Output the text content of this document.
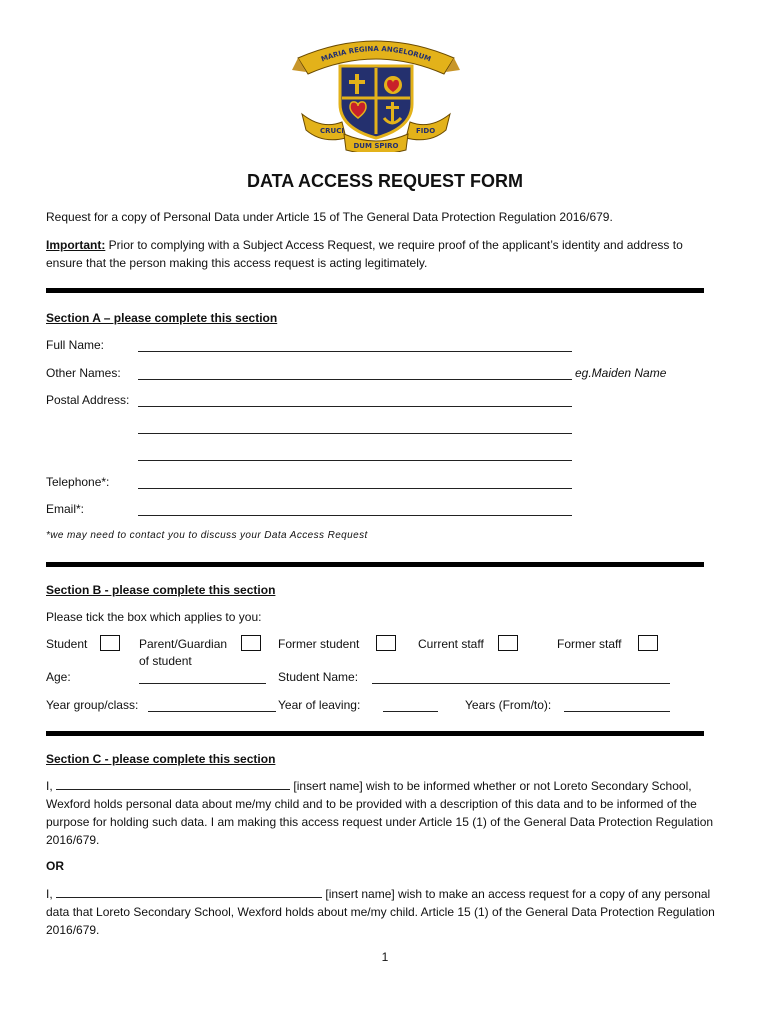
MARIA REGINA ANGELORUM
CRUCI
DUM SPIRO
FIDO
DATA ACCESS REQUEST FORM
Request for a copy of Personal Data under Article 15 of The General Data Protection Regulation 2016/679.
Important: Prior to complying with a Subject Access Request, we require proof of the applicant’s identity and address to ensure that the person making this access request is acting legitimately.
Section A – please complete this section
Full Name:
Other Names:	eg.Maiden Name
Postal Address:
Telephone*:
Email*:
*we may need to contact you to discuss your Data Access Request
Section B - please complete this section
Please tick the box which applies to you:
Student	Parent/Guardian
of student
Former student	Current staff	Former staff
Age:	Student Name:
Year group/class:	Year of leaving:	Years (From/to):
Section C - please complete this section
I,	[insert name] wish to be informed whether or not Loreto Secondary School, Wexford holds personal data about me/my child and to be provided with a description of this data and to be informed of the purpose for holding such data. I am making this access request under Article 15 (1) of the General Data Protection Regulation 2016/679.
OR
I,	[insert name] wish to make an access request for a copy of any personal data that Loreto Secondary School, Wexford holds about me/my child. Article 15 (1) of the General Data Protection Regulation 2016/679.
1
